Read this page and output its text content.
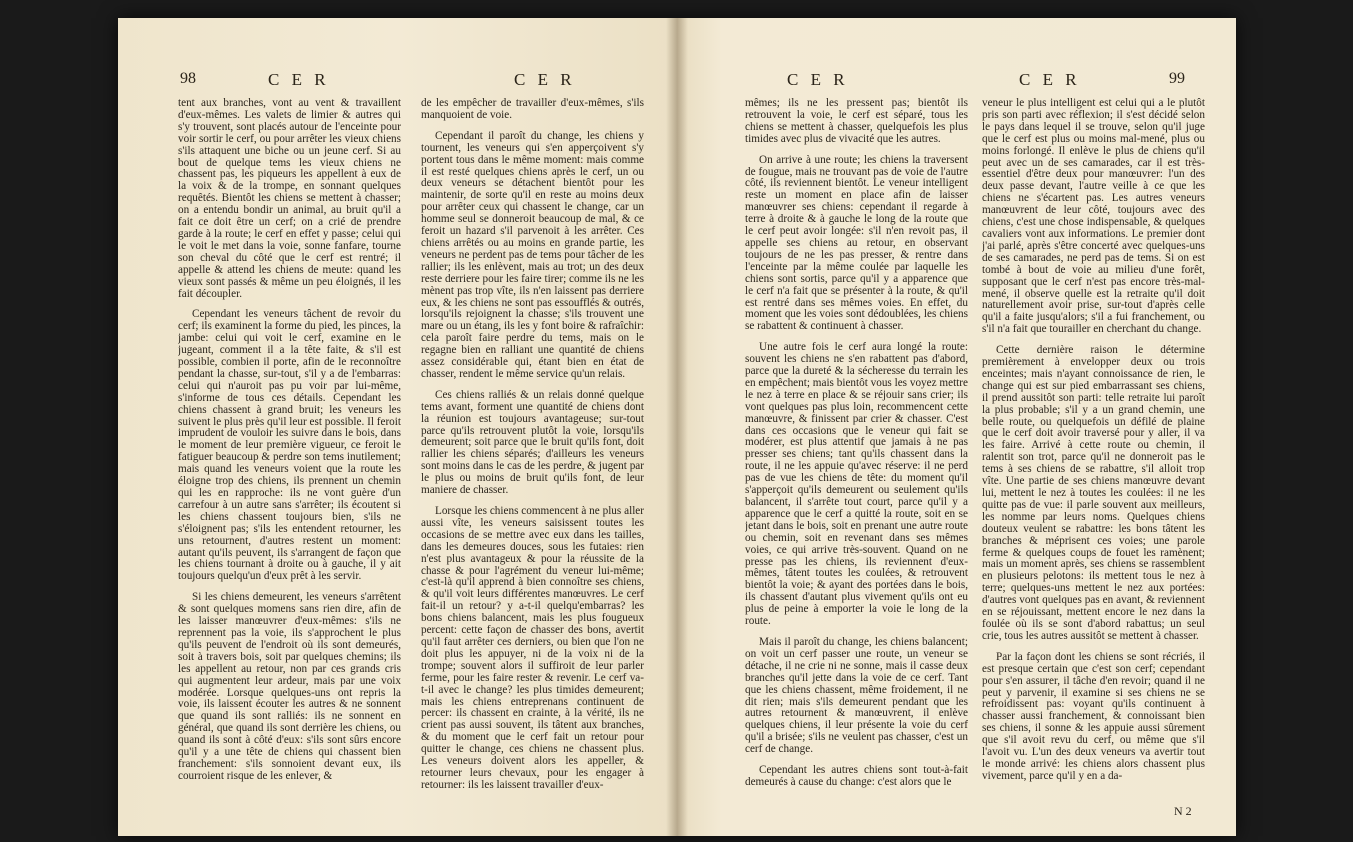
98	C E R	C E R

tent aux branches, vont au vent & travaillent d'eux-mêmes. Les valets de limier & autres qui s'y trouvent, sont placés autour de l'enceinte pour voir sortir le cerf, ou pour arrêter les vieux chiens s'ils attaquent une biche ou un jeune cerf. Si au bout de quelque tems les vieux chiens ne chassent pas, les piqueurs les appellent à eux de la voix & de la trompe, en sonnant quelques requêtés. Bientôt les chiens se mettent à chasser; on a entendu bondir un animal, au bruit qu'il a fait ce doit être un cerf; on a crié de prendre garde à la route; le cerf en effet y passe; celui qui le voit le met dans la voie, sonne fanfare, tourne son cheval du côté que le cerf est rentré; il appelle & attend les chiens de meute: quand les vieux sont passés & même un peu éloignés, il les fait découpler.

Cependant les veneurs tâchent de revoir du cerf; ils examinent la forme du pied, les pinces, la jambe: celui qui voit le cerf, examine en le jugeant, comment il a la tête faite, & s'il est possible, combien il porte, afin de le reconnoître pendant la chasse, sur-tout, s'il y a de l'embarras: celui qui n'auroit pas pu voir par lui-même, s'informe de tous ces détails. Cependant les chiens chassent à grand bruit; les veneurs les suivent le plus près qu'il leur est possible. Il feroit imprudent de vouloir les suivre dans le bois, dans le moment de leur première vigueur, ce feroit le fatiguer beaucoup & perdre son tems inutilement; mais quand les veneurs voient que la route les éloigne trop des chiens, ils prennent un chemin qui les en rapproche: ils ne vont guère d'un carrefour à un autre sans s'arrêter; ils écoutent si les chiens chassent toujours bien, s'ils ne s'éloignent pas; s'ils les entendent retourner, les uns retournent, d'autres restent un moment: autant qu'ils peuvent, ils s'arrangent de façon que les chiens tournant à droite ou à gauche, il y ait toujours quelqu'un d'eux prêt à les servir.

Si les chiens demeurent, les veneurs s'arrêtent & sont quelques momens sans rien dire, afin de les laisser manœuvrer d'eux-mêmes: s'ils ne reprennent pas la voie, ils s'approchent le plus qu'ils peuvent de l'endroit où ils sont demeurés, soit à travers bois, soit par quelques chemins; ils les appellent au retour, non par ces grands cris qui augmentent leur ardeur, mais par une voix modérée. Lorsque quelques-uns ont repris la voie, ils laissent écouter les autres & ne sonnent que quand ils sont ralliés: ils ne sonnent en général, que quand ils sont derrière les chiens, ou quand ils sont à côté d'eux: s'ils sont sûrs encore qu'il y a une tête de chiens qui chassent bien franchement: s'ils sonnoient devant eux, ils courroient risque de les enlever, &

de les empêcher de travailler d'eux-mêmes, s'ils manquoient de voie.

Cependant il paroît du change, les chiens y tournent, les veneurs qui s'en apperçoivent s'y portent tous dans le même moment: mais comme il est resté quelques chiens après le cerf, un ou deux veneurs se détachent bientôt pour les maintenir, de sorte qu'il en reste au moins deux pour arrêter ceux qui chassent le change, car un homme seul se donneroit beaucoup de mal, & ce feroit un hazard s'il parvenoit à les arrêter. Ces chiens arrêtés ou au moins en grande partie, les veneurs ne perdent pas de tems pour tâcher de les rallier; ils les enlèvent, mais au trot; un des deux reste derriere pour les faire tirer; comme ils ne les mènent pas trop vîte, ils n'en laissent pas derriere eux, & les chiens ne sont pas essoufflés & outrés, lorsqu'ils rejoignent la chasse; s'ils trouvent une mare ou un étang, ils les y font boire & rafraîchir: cela paroît faire perdre du tems, mais on le regagne bien en ralliant une quantité de chiens assez considérable qui, étant bien en état de chasser, rendent le même service qu'un relais.

Ces chiens ralliés & un relais donné quelque tems avant, forment une quantité de chiens dont la réunion est toujours avantageuse; sur-tout parce qu'ils retrouvent plutôt la voie, lorsqu'ils demeurent; soit parce que le bruit qu'ils font, doit rallier les chiens séparés; d'ailleurs les veneurs sont moins dans le cas de les perdre, & jugent par le plus ou moins de bruit qu'ils font, de leur maniere de chasser.

Lorsque les chiens commencent à ne plus aller aussi vîte, les veneurs saisissent toutes les occasions de se mettre avec eux dans les tailles, dans les demeures douces, sous les futaies: rien n'est plus avantageux & pour la réussite de la chasse & pour l'agrément du veneur lui-même; c'est-là qu'il apprend à bien connoître ses chiens, & qu'il voit leurs différentes manœuvres. Le cerf fait-il un retour? y a-t-il quelqu'embarras? les bons chiens balancent, mais les plus fougueux percent: cette façon de chasser des bons, avertit qu'il faut arrêter ces derniers, ou bien que l'on ne doit plus les appuyer, ni de la voix ni de la trompe; souvent alors il suffiroit de leur parler ferme, pour les faire rester & revenir. Le cerf va-t-il avec le change? les plus timides demeurent; mais les chiens entreprenans continuent de percer: ils chassent en crainte, à la vérité, ils ne crient pas aussi souvent, ils tâtent aux branches, & du moment que le cerf fait un retour pour quitter le change, ces chiens ne chassent plus. Les veneurs doivent alors les appeller, & retourner leurs chevaux, pour les engager à retourner: ils les laissent travailler d'eux-

C E R	C E R	99

mêmes; ils ne les pressent pas; bientôt ils retrouvent la voie, le cerf est séparé, tous les chiens se mettent à chasser, quelquefois les plus timides avec plus de vivacité que les autres.

On arrive à une route; les chiens la traversent de fougue, mais ne trouvant pas de voie de l'autre côté, ils reviennent bientôt. Le veneur intelligent reste un moment en place afin de laisser manœuvrer ses chiens: cependant il regarde à terre à droite & à gauche le long de la route que le cerf peut avoir longée: s'il n'en revoit pas, il appelle ses chiens au retour, en observant toujours de ne les pas presser, & rentre dans l'enceinte par la même coulée par laquelle les chiens sont sortis, parce qu'il y a apparence que le cerf n'a fait que se présenter à la route, & qu'il est rentré dans ses mêmes voies. En effet, du moment que les voies sont dédoublées, les chiens se rabattent & continuent à chasser.

Une autre fois le cerf aura longé la route: souvent les chiens ne s'en rabattent pas d'abord, parce que la dureté & la sécheresse du terrain les en empêchent; mais bientôt vous les voyez mettre le nez à terre en place & se réjouir sans crier; ils vont quelques pas plus loin, recommencent cette manœuvre, & finissent par crier & chasser. C'est dans ces occasions que le veneur qui fait se modérer, est plus attentif que jamais à ne pas presser ses chiens; tant qu'ils chassent dans la route, il ne les appuie qu'avec réserve: il ne perd pas de vue les chiens de tête: du moment qu'il s'apperçoit qu'ils demeurent ou seulement qu'ils balancent, il s'arrête tout court, parce qu'il y a apparence que le cerf a quitté la route, soit en se jetant dans le bois, soit en prenant une autre route ou chemin, soit en revenant dans ses mêmes voies, ce qui arrive très-souvent. Quand on ne presse pas les chiens, ils reviennent d'eux-mêmes, tâtent toutes les coulées, & retrouvent bientôt la voie; & ayant des portées dans le bois, ils chassent d'autant plus vivement qu'ils ont eu plus de peine à emporter la voie le long de la route.

Mais il paroît du change, les chiens balancent; on voit un cerf passer une route, un veneur se détache, il ne crie ni ne sonne, mais il casse deux branches qu'il jette dans la voie de ce cerf. Tant que les chiens chassent, même froidement, il ne dit rien; mais s'ils demeurent pendant que les autres retournent & manœuvrent, il enlève quelques chiens, il leur présente la voie du cerf qu'il a brisée; s'ils ne veulent pas chasser, c'est un cerf de change.

Cependant les autres chiens sont tout-à-fait demeurés à cause du change: c'est alors que le

veneur le plus intelligent est celui qui a le plutôt pris son parti avec réflexion; il s'est décidé selon le pays dans lequel il se trouve, selon qu'il juge que le cerf est plus ou moins mal-mené, plus ou moins forlongé. Il enlève le plus de chiens qu'il peut avec un de ses camarades, car il est très-essentiel d'être deux pour manœuvrer: l'un des deux passe devant, l'autre veille à ce que les chiens ne s'écartent pas. Les autres veneurs manœuvrent de leur côté, toujours avec des chiens, c'est une chose indispensable, & quelques cavaliers vont aux informations. Le premier dont j'ai parlé, après s'être concerté avec quelques-uns de ses camarades, ne perd pas de tems. Si on est tombé à bout de voie au milieu d'une forêt, supposant que le cerf n'est pas encore très-mal-mené, il observe quelle est la retraite qu'il doit naturellement avoir prise, sur-tout d'après celle qu'il a faite jusqu'alors; s'il a fui franchement, ou s'il n'a fait que tourailler en cherchant du change.

Cette dernière raison le détermine premièrement à envelopper deux ou trois enceintes; mais n'ayant connoissance de rien, le change qui est sur pied embarrassant ses chiens, il prend aussitôt son parti: telle retraite lui paroît la plus probable; s'il y a un grand chemin, une belle route, ou quelquefois un défilé de plaine que le cerf doit avoir traversé pour y aller, il va les faire. Arrivé à cette route ou chemin, il ralentit son trot, parce qu'il ne donneroit pas le tems à ses chiens de se rabattre, s'il alloit trop vîte. Une partie de ses chiens manœuvre devant lui, mettent le nez à toutes les coulées: il ne les quitte pas de vue: il parle souvent aux meilleurs, les nomme par leurs noms. Quelques chiens douteux veulent se rabattre: les bons tâtent les branches & méprisent ces voies; une parole ferme & quelques coups de fouet les ramènent; mais un moment après, ses chiens se rassemblent en plusieurs pelotons: ils mettent tous le nez à terre; quelques-uns mettent le nez aux portées: d'autres vont quelques pas en avant, & reviennent en se réjouissant, mettent encore le nez dans la foulée où ils se sont d'abord rabattus; un seul crie, tous les autres aussitôt se mettent à chasser.

Par la façon dont les chiens se sont récriés, il est presque certain que c'est son cerf; cependant pour s'en assurer, il tâche d'en revoir; quand il ne peut y parvenir, il examine si ses chiens ne se refroidissent pas: voyant qu'ils continuent à chasser aussi franchement, & connoissant bien ses chiens, il sonne & les appuie aussi sûrement que s'il avoit revu du cerf, ou même que s'il l'avoit vu. L'un des deux veneurs va avertir tout le monde arrivé: les chiens alors chassent plus vivement, parce qu'il y en a da-

N 2
